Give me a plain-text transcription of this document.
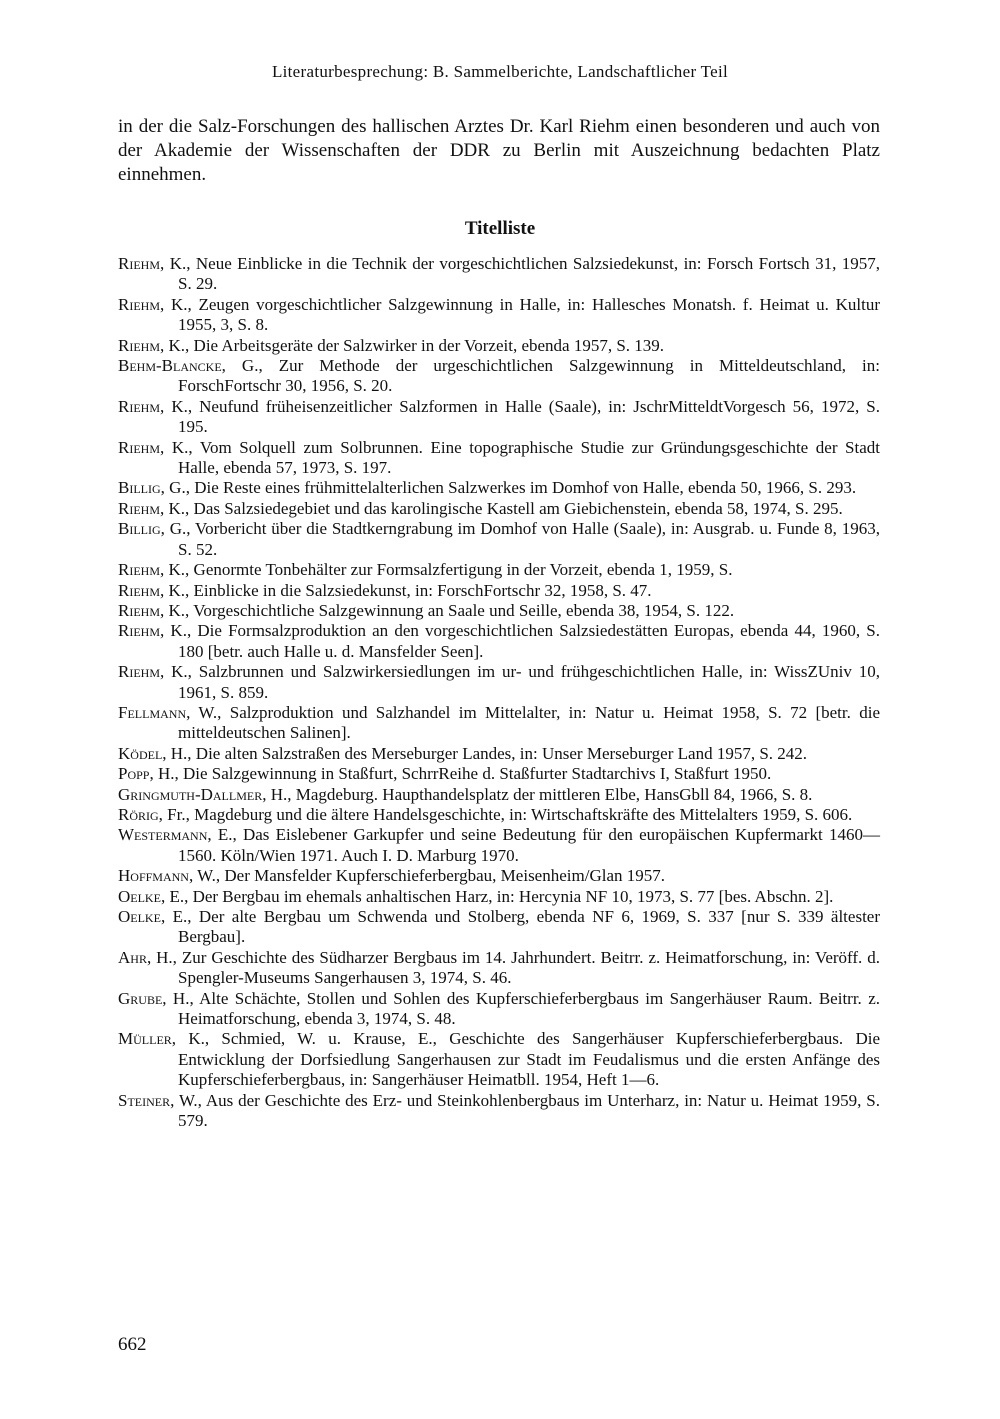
Literaturbesprechung: B. Sammelberichte, Landschaftlicher Teil

in der die Salz-Forschungen des hallischen Arztes Dr. Karl Riehm einen besonderen und auch von der Akademie der Wissenschaften der DDR zu Berlin mit Auszeichnung bedachten Platz einnehmen.

Titelliste
Riehm, K., Neue Einblicke in die Technik der vorgeschichtlichen Salzsiedekunst, in: Forsch Fortsch 31, 1957, S. 29.
Riehm, K., Zeugen vorgeschichtlicher Salzgewinnung in Halle, in: Hallesches Monatsh. f. Heimat u. Kultur 1955, 3, S. 8.
Riehm, K., Die Arbeitsgeräte der Salzwirker in der Vorzeit, ebenda 1957, S. 139.
Behm-Blancke, G., Zur Methode der urgeschichtlichen Salzgewinnung in Mitteldeutschland, in: ForschFortschr 30, 1956, S. 20.
Riehm, K., Neufund früheisenzeitlicher Salzformen in Halle (Saale), in: JschrMitteldtVorgesch 56, 1972, S. 195.
Riehm, K., Vom Solquell zum Solbrunnen. Eine topographische Studie zur Gründungsgeschichte der Stadt Halle, ebenda 57, 1973, S. 197.
Billig, G., Die Reste eines frühmittelalterlichen Salzwerkes im Domhof von Halle, ebenda 50, 1966, S. 293.
Riehm, K., Das Salzsiedegebiet und das karolingische Kastell am Giebichenstein, ebenda 58, 1974, S. 295.
Billig, G., Vorbericht über die Stadtkerngrabung im Domhof von Halle (Saale), in: Ausgrab. u. Funde 8, 1963, S. 52.
Riehm, K., Genormte Tonbehälter zur Formsalzfertigung in der Vorzeit, ebenda 1, 1959, S.
Riehm, K., Einblicke in die Salzsiedekunst, in: ForschFortschr 32, 1958, S. 47.
Riehm, K., Vorgeschichtliche Salzgewinnung an Saale und Seille, ebenda 38, 1954, S. 122.
Riehm, K., Die Formsalzproduktion an den vorgeschichtlichen Salzsiedestätten Europas, ebenda 44, 1960, S. 180 [betr. auch Halle u. d. Mansfelder Seen].
Riehm, K., Salzbrunnen und Salzwirkersiedlungen im ur- und frühgeschichtlichen Halle, in: WissZUniv 10, 1961, S. 859.
Fellmann, W., Salzproduktion und Salzhandel im Mittelalter, in: Natur u. Heimat 1958, S. 72 [betr. die mitteldeutschen Salinen].
Ködel, H., Die alten Salzstraßen des Merseburger Landes, in: Unser Merseburger Land 1957, S. 242.
Popp, H., Die Salzgewinnung in Staßfurt, SchrrReihe d. Staßfurter Stadtarchivs I, Staßfurt 1950.
Gringmuth-Dallmer, H., Magdeburg. Haupthandelsplatz der mittleren Elbe, HansGbll 84, 1966, S. 8.
Rörig, Fr., Magdeburg und die ältere Handelsgeschichte, in: Wirtschaftskräfte des Mittelalters 1959, S. 606.
Westermann, E., Das Eislebener Garkupfer und seine Bedeutung für den europäischen Kupfermarkt 1460—1560. Köln/Wien 1971. Auch I. D. Marburg 1970.
Hoffmann, W., Der Mansfelder Kupferschieferbergbau, Meisenheim/Glan 1957.
Oelke, E., Der Bergbau im ehemals anhaltischen Harz, in: Hercynia NF 10, 1973, S. 77 [bes. Abschn. 2].
Oelke, E., Der alte Bergbau um Schwenda und Stolberg, ebenda NF 6, 1969, S. 337 [nur S. 339 ältester Bergbau].
Ahr, H., Zur Geschichte des Südharzer Bergbaus im 14. Jahrhundert. Beitrr. z. Heimatforschung, in: Veröff. d. Spengler-Museums Sangerhausen 3, 1974, S. 46.
Grube, H., Alte Schächte, Stollen und Sohlen des Kupferschieferbergbaus im Sangerhäuser Raum. Beitrr. z. Heimatforschung, ebenda 3, 1974, S. 48.
Müller, K., Schmied, W. u. Krause, E., Geschichte des Sangerhäuser Kupferschieferbergbaus. Die Entwicklung der Dorfsiedlung Sangerhausen zur Stadt im Feudalismus und die ersten Anfänge des Kupferschieferbergbaus, in: Sangerhäuser Heimatbll. 1954, Heft 1—6.
Steiner, W., Aus der Geschichte des Erz- und Steinkohlenbergbaus im Unterharz, in: Natur u. Heimat 1959, S. 579.
662
